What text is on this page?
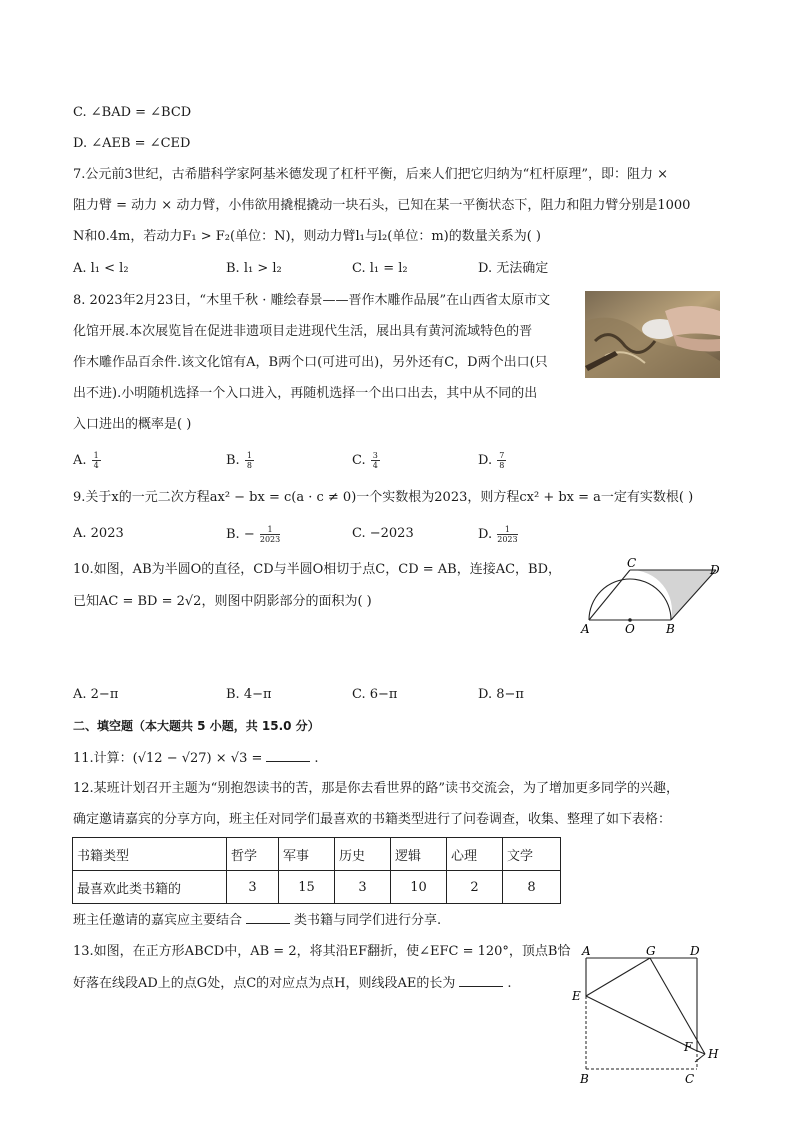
C. ∠BAD = ∠BCD
D. ∠AEB = ∠CED
7.公元前3世纪，古希腊科学家阿基米德发现了杠杆平衡，后来人们把它归纳为“杠杆原理”，即：阻力 ×
阻力臂 = 动力 × 动力臂，小伟欲用撬棍撬动一块石头，已知在某一平衡状态下，阻力和阻力臂分别是1000
N和0.4m，若动力F₁ > F₂(单位：N)，则动力臂l₁与l₂(单位：m)的数量关系为( )
A. l₁ < l₂	B. l₁ > l₂	C. l₁ = l₂	D. 无法确定
8. 2023年2月23日，“木里千秋 · 雕绘春景——晋作木雕作品展”在山西省太原市文
化馆开展.本次展览旨在促进非遗项目走进现代生活，展出具有黄河流域特色的晋
作木雕作品百余件.该文化馆有A，B两个口(可进可出)，另外还有C，D两个出口(只
出不进).小明随机选择一个入口进入，再随机选择一个出口出去，其中从不同的出
入口进出的概率是( )
A. $\frac{1}{4}$	B. $\frac{1}{8}$	C. $\frac{3}{4}$	D. $\frac{7}{8}$
9.关于x的一元二次方程ax² − bx = c(a · c ≠ 0)一个实数根为2023，则方程cx² + bx = a一定有实数根( )
A. 2023	B. − $\frac{1}{2023}$	C. −2023	D. $\frac{1}{2023}$
10.如图，AB为半圆O的直径，CD与半圆O相切于点C，CD = AB，连接AC，BD，
已知AC = BD = 2√2，则图中阴影部分的面积为( )
C	D
A	O	B
A. 2−π	B. 4−π	C. 6−π	D. 8−π
二、填空题（本大题共 5 小题，共 15.0 分）
11.计算：(√12 − √27) × √3 =	.
12.某班计划召开主题为“别抱怨读书的苦，那是你去看世界的路”读书交流会，为了增加更多同学的兴趣，
确定邀请嘉宾的分享方向，班主任对同学们最喜欢的书籍类型进行了问卷调查，收集、整理了如下表格：
书籍类型	哲学	军事	历史	逻辑	心理	文学
最喜欢此类书籍的	3	15	3	10	2	8
班主任邀请的嘉宾应主要结合	类书籍与同学们进行分享.
13.如图，在正方形ABCD中，AB = 2，将其沿EF翻折，使∠EFC = 120°，顶点B恰
好落在线段AD上的点G处，点C的对应点为点H，则线段AE的长为	.
A	G	D
E
F H
B	C
